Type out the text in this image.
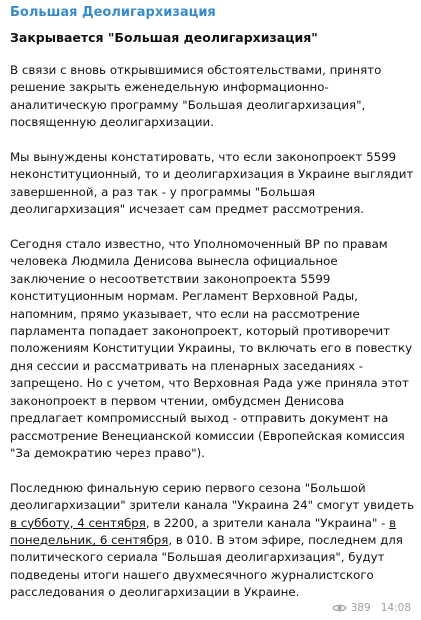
Большая Деолигархизация
Закрывается "Большая деолигархизация"
В связи с вновь открывшимися обстоятельствами, принято
решение закрыть еженедельную информационно-
аналитическую программу "Большая деолигархизация",
посвященную деолигархизации.
Мы вынуждены констатировать, что если законопроект 5599
неконституционный, то и деолигархизация в Украине выглядит
завершенной, а раз так - у программы "Большая
деолигархизация" исчезает сам предмет рассмотрения.
Сегодня стало известно, что Уполномоченный ВР по правам
человека Людмила Денисова вынесла официальное
заключение о несоответствии законопроекта 5599
конституционным нормам. Регламент Верховной Рады,
напомним, прямо указывает, что если на рассмотрение
парламента попадает законопроект, который противоречит
положениям Конституции Украины, то включать его в повестку
дня сессии и рассматривать на пленарных заседаниях -
запрещено. Но с учетом, что Верховная Рада уже приняла этот
законопроект в первом чтении, омбудсмен Денисова
предлагает компромиссный выход - отправить документ на
рассмотрение Венецианской комиссии (Европейская комиссия
"За демократию через право").
Последнюю финальную серию первого сезона "Большой
деолигархизации" зрители канала "Украина 24" смогут увидеть
в субботу, 4 сентября, в 2200, а зрители канала "Украина" - в
понедельник, 6 сентября, в 010. В этом эфире, последнем для
политического сериала "Большая деолигархизация", будут
подведены итоги нашего двухмесячного журналистского
расследования о деолигархизации в Украине.
389 14:08
